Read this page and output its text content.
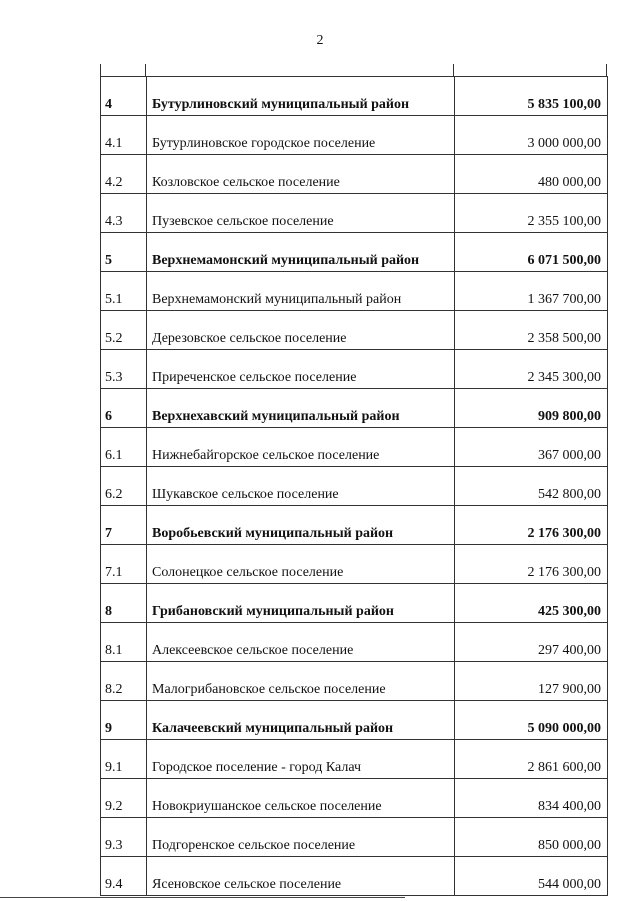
2
4	Бутурлиновский муниципальный район	5 835 100,00
4.1	Бутурлиновское городское поселение	3 000 000,00
4.2	Козловское сельское поселение	480 000,00
4.3	Пузевское сельское поселение	2 355 100,00
5	Верхнемамонский муниципальный район	6 071 500,00
5.1	Верхнемамонский муниципальный район	1 367 700,00
5.2	Дерезовское сельское поселение	2 358 500,00
5.3	Приреченское сельское поселение	2 345 300,00
6	Верхнехавский муниципальный район	909 800,00
6.1	Нижнебайгорское сельское поселение	367 000,00
6.2	Шукавское сельское поселение	542 800,00
7	Воробьевский муниципальный район	2 176 300,00
7.1	Солонецкое сельское поселение	2 176 300,00
8	Грибановский муниципальный район	425 300,00
8.1	Алексеевское сельское поселение	297 400,00
8.2	Малогрибановское сельское поселение	127 900,00
9	Калачеевский муниципальный район	5 090 000,00
9.1	Городское поселение - город Калач	2 861 600,00
9.2	Новокриушанское сельское поселение	834 400,00
9.3	Подгоренское сельское поселение	850 000,00
9.4	Ясеновское сельское поселение	544 000,00
